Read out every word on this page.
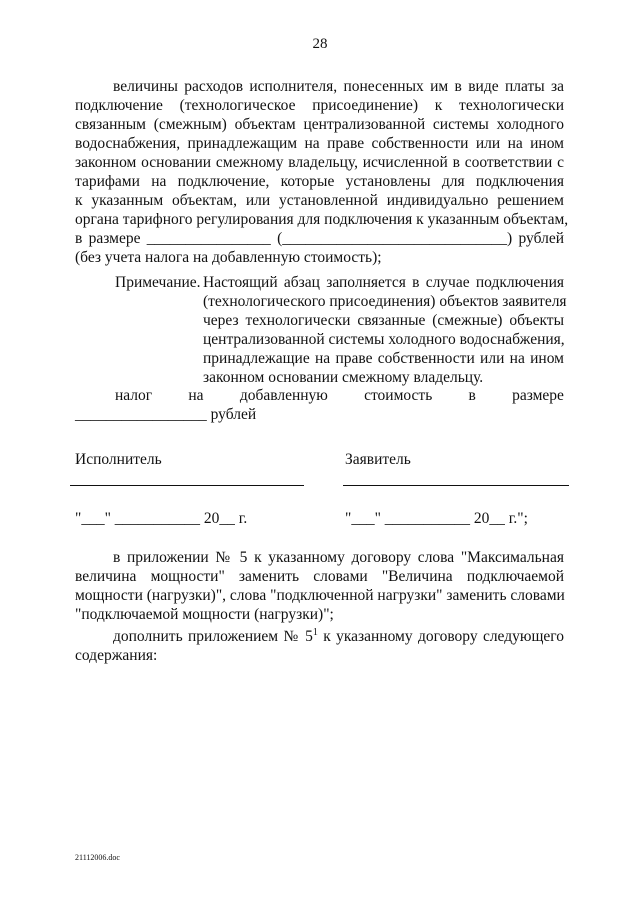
28
величины расходов исполнителя, понесенных им в виде платы за
подключение (технологическое присоединение) к технологически
связанным (смежным) объектам централизованной системы холодного
водоснабжения, принадлежащим на праве собственности или на ином
законном основании смежному владельцу, исчисленной в соответствии с
тарифами на подключение, которые установлены для подключения
к указанным объектам, или установленной индивидуально решением
органа тарифного регулирования для подключения к указанным объектам,
в размере ________________ (_____________________________) рублей
(без учета налога на добавленную стоимость);
Примечание. Настоящий абзац заполняется в случае подключения
(технологического присоединения) объектов заявителя
через технологически связанные (смежные) объекты
централизованной системы холодного водоснабжения,
принадлежащие на праве собственности или на ином
законном основании смежному владельцу.
налог на добавленную стоимость в размере
_________________ рублей
Исполнитель	Заявитель
"___" ___________ 20__ г.	"___" ___________ 20__ г.";
в приложении № 5 к указанному договору слова "Максимальная
величина мощности" заменить словами "Величина подключаемой
мощности (нагрузки)", слова "подключенной нагрузки" заменить словами
"подключаемой мощности (нагрузки)";
дополнить приложением № $5^1$ к указанному договору следующего
содержания:
21112006.doc
